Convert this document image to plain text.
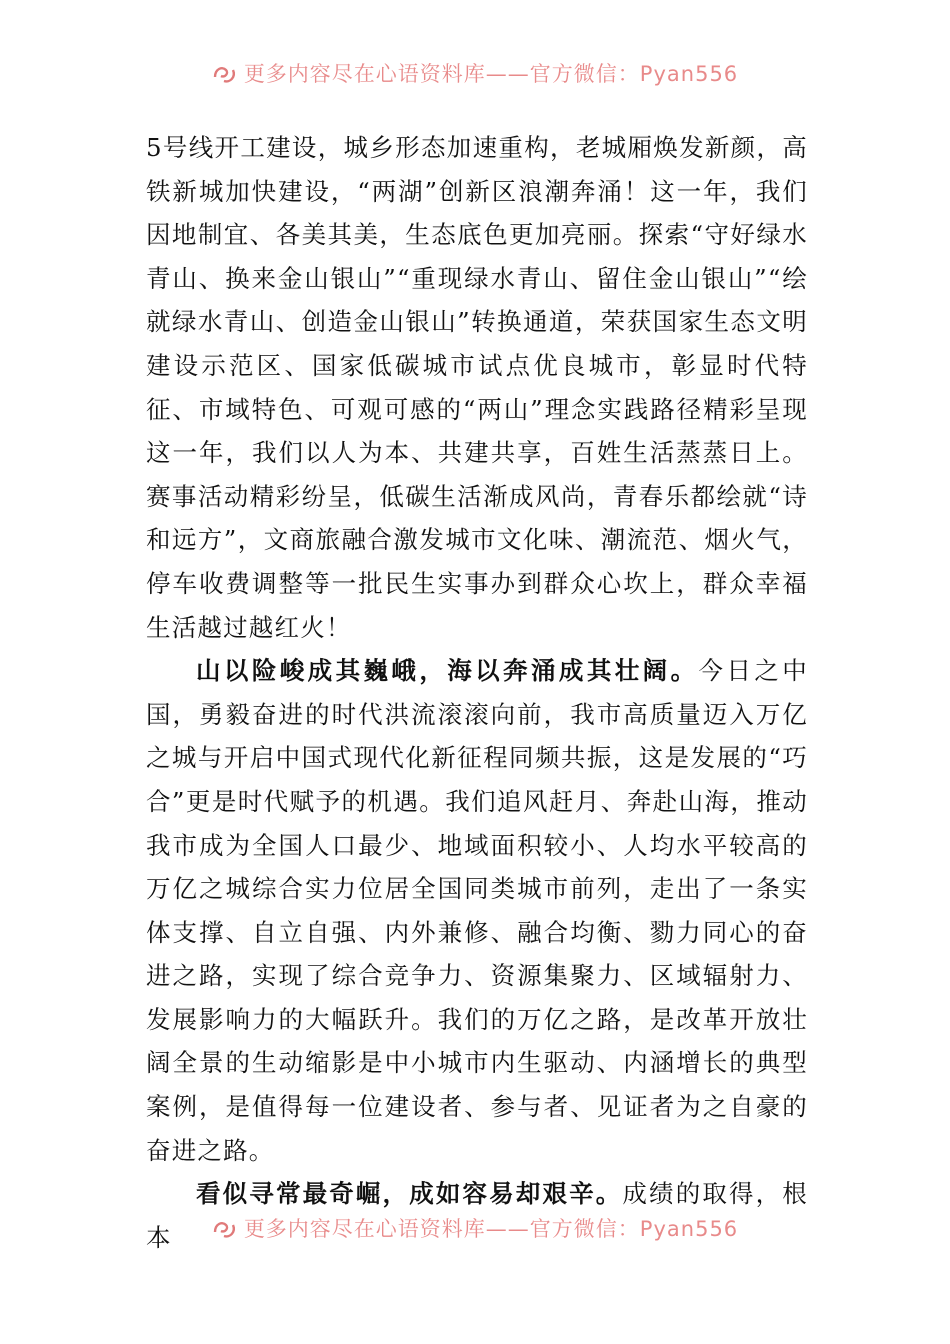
更多内容尽在心语资料库——官方微信：Pyan556

5号线开工建设，城乡形态加速重构，老城厢焕发新颜，高铁新城加快建设，“两湖”创新区浪潮奔涌！这一年，我们因地制宜、各美其美，生态底色更加亮丽。探索“守好绿水青山、换来金山银山”“重现绿水青山、留住金山银山”“绘就绿水青山、创造金山银山”转换通道，荣获国家生态文明建设示范区、国家低碳城市试点优良城市，彰显时代特征、市域特色、可观可感的“两山”理念实践路径精彩呈现这一年，我们以人为本、共建共享，百姓生活蒸蒸日上。赛事活动精彩纷呈，低碳生活渐成风尚，青春乐都绘就“诗和远方”，文商旅融合激发城市文化味、潮流范、烟火气，停车收费调整等一批民生实事办到群众心坎上，群众幸福生活越过越红火！

山以险峻成其巍峨，海以奔涌成其壮阔。今日之中国，勇毅奋进的时代洪流滚滚向前，我市高质量迈入万亿之城与开启中国式现代化新征程同频共振，这是发展的“巧合”更是时代赋予的机遇。我们追风赶月、奔赴山海，推动我市成为全国人口最少、地域面积较小、人均水平较高的万亿之城综合实力位居全国同类城市前列，走出了一条实体支撑、自立自强、内外兼修、融合均衡、勠力同心的奋进之路，实现了综合竞争力、资源集聚力、区域辐射力、发展影响力的大幅跃升。我们的万亿之路，是改革开放壮阔全景的生动缩影是中小城市内生驱动、内涵增长的典型案例，是值得每一位建设者、参与者、见证者为之自豪的奋进之路。

看似寻常最奇崛，成如容易却艰辛。成绩的取得，根本	更多内容尽在心语资料库——官方微信：Pyan556
